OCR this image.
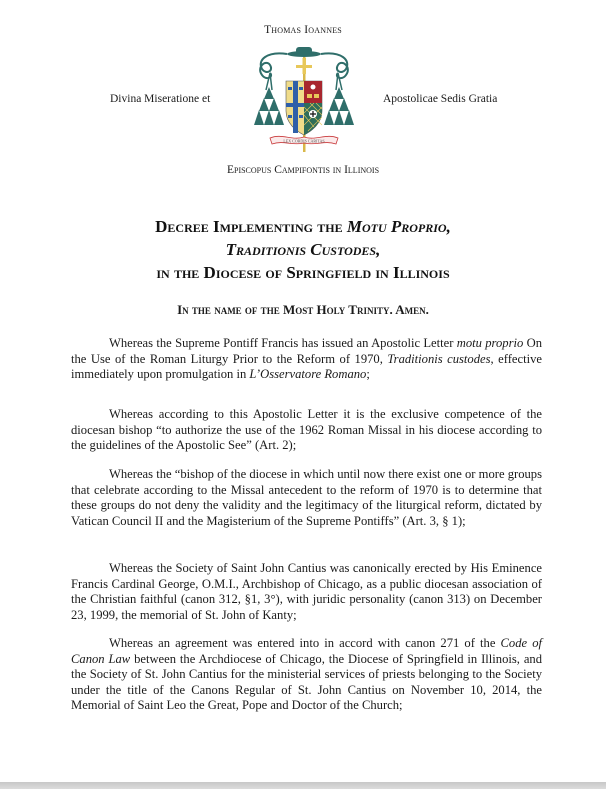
Thomas Ioannes
Divina Miseratione et	Apostolicae Sedis Gratia
LEX CORDIS CARITAS
Episcopus Campifontis in Illinois
Decree Implementing the Motu Proprio,
Traditionis Custodes,
in the Diocese of Springfield in Illinois
In the name of the Most Holy Trinity. Amen.

Whereas the Supreme Pontiff Francis has issued an Apostolic Letter motu proprio On the Use of the Roman Liturgy Prior to the Reform of 1970, Traditionis custodes, effective immediately upon promulgation in L’Osservatore Romano;

Whereas according to this Apostolic Letter it is the exclusive competence of the diocesan bishop “to authorize the use of the 1962 Roman Missal in his diocese according to the guidelines of the Apostolic See” (Art. 2);

Whereas the “bishop of the diocese in which until now there exist one or more groups that celebrate according to the Missal antecedent to the reform of 1970 is to determine that these groups do not deny the validity and the legitimacy of the liturgical reform, dictated by Vatican Council II and the Magisterium of the Supreme Pontiffs” (Art. 3, § 1);

Whereas the Society of Saint John Cantius was canonically erected by His Eminence Francis Cardinal George, O.M.I., Archbishop of Chicago, as a public diocesan association of the Christian faithful (canon 312, §1, 3°), with juridic personality (canon 313) on December 23, 1999, the memorial of St. John of Kanty;

Whereas an agreement was entered into in accord with canon 271 of the Code of Canon Law between the Archdiocese of Chicago, the Diocese of Springfield in Illinois, and the Society of St. John Cantius for the ministerial services of priests belonging to the Society under the title of the Canons Regular of St. John Cantius on November 10, 2014, the Memorial of Saint Leo the Great, Pope and Doctor of the Church;
